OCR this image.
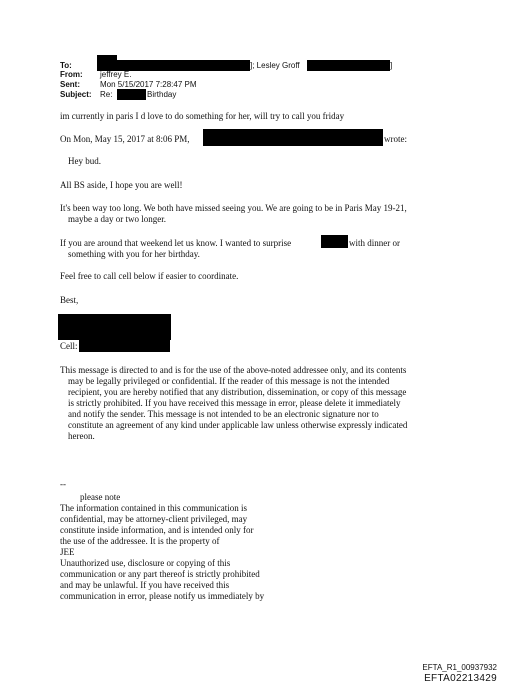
To:	]; Lesley Groff	]
From: jeffrey E.
Sent:	Mon 5/15/2017 7:28:47 PM
Subject: Re:	Birthday
im currently in paris I d love to do something for her, will try to call you friday
On Mon, May 15, 2017 at 8:06 PM,	wrote:
Hey bud.
All BS aside, I hope you are well!
It's been way too long. We both have missed seeing you. We are going to be in Paris May 19-21,
maybe a day or two longer.
If you are around that weekend let us know. I wanted to surprise	with dinner or
something with you for her birthday.
Feel free to call cell below if easier to coordinate.
Best,
Cell:
This message is directed to and is for the use of the above-noted addressee only, and its contents
may be legally privileged or confidential. If the reader of this message is not the intended
recipient, you are hereby notified that any distribution, dissemination, or copy of this message
is strictly prohibited. If you have received this message in error, please delete it immediately
and notify the sender. This message is not intended to be an electronic signature nor to
constitute an agreement of any kind under applicable law unless otherwise expressly indicated
hereon.
--
please note
The information contained in this communication is
confidential, may be attorney-client privileged, may
constitute inside information, and is intended only for
the use of the addressee. It is the property of
JEE
Unauthorized use, disclosure or copying of this
communication or any part thereof is strictly prohibited
and may be unlawful. If you have received this
communication in error, please notify us immediately by
EFTA_R1_00937932
EFTA02213429
